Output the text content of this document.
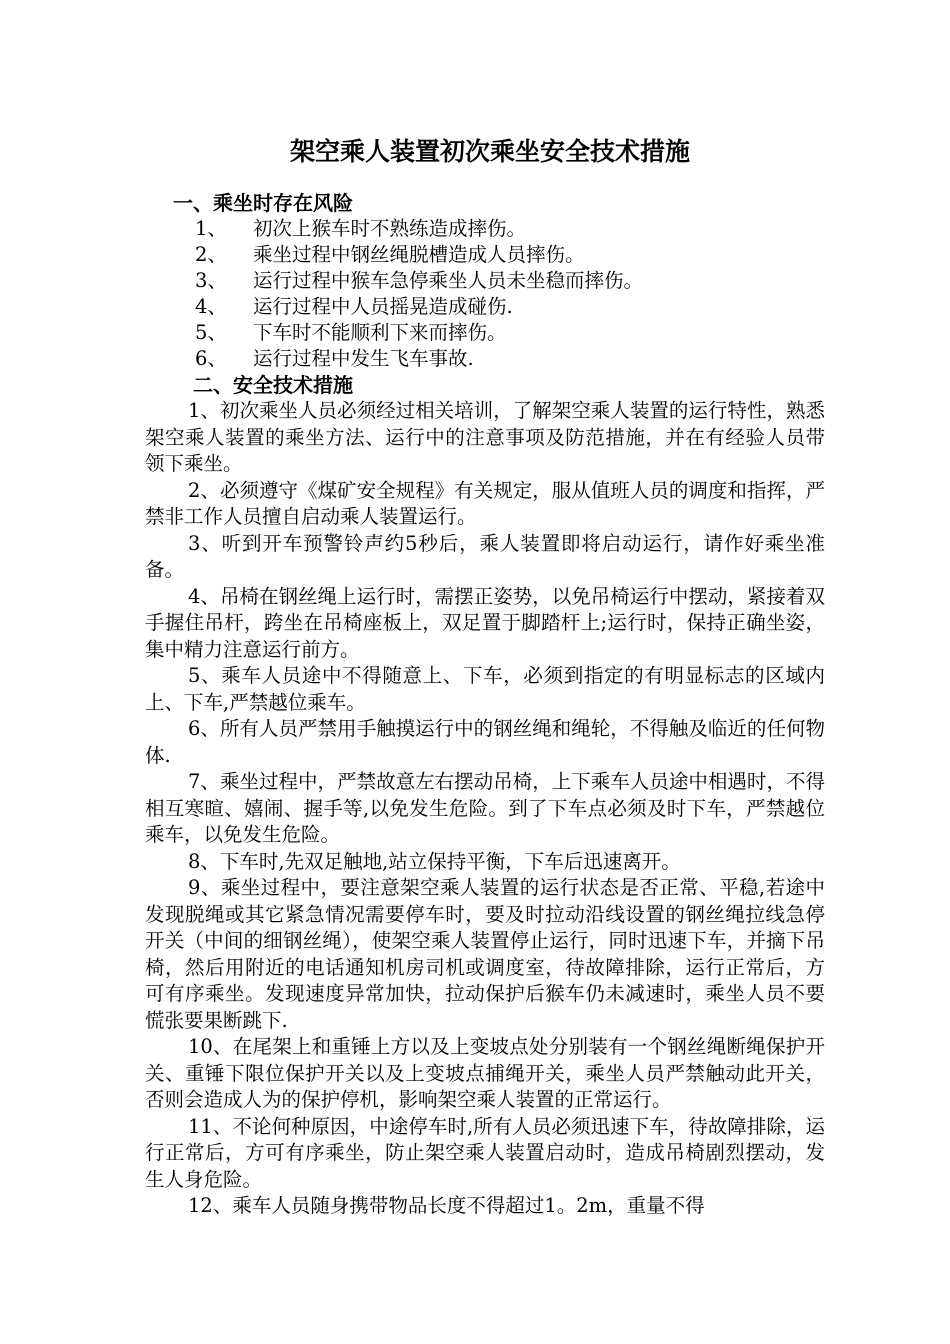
架空乘人装置初次乘坐安全技术措施
一、乘坐时存在风险
1、 初次上猴车时不熟练造成摔伤。
2、 乘坐过程中钢丝绳脱槽造成人员摔伤。
3、 运行过程中猴车急停乘坐人员未坐稳而摔伤。
4、 运行过程中人员摇晃造成碰伤.
5、 下车时不能顺利下来而摔伤。
6、 运行过程中发生飞车事故.
二、安全技术措施

1、初次乘坐人员必须经过相关培训，了解架空乘人装置的运行特性，熟悉架空乘人装置的乘坐方法、运行中的注意事项及防范措施，并在有经验人员带领下乘坐。

2、必须遵守《煤矿安全规程》有关规定，服从值班人员的调度和指挥，严禁非工作人员擅自启动乘人装置运行。

3、听到开车预警铃声约5秒后，乘人装置即将启动运行，请作好乘坐准备。

4、吊椅在钢丝绳上运行时，需摆正姿势，以免吊椅运行中摆动，紧接着双手握住吊杆，跨坐在吊椅座板上，双足置于脚踏杆上;运行时，保持正确坐姿，集中精力注意运行前方。

5、乘车人员途中不得随意上、下车，必须到指定的有明显标志的区域内上、下车,严禁越位乘车。

6、所有人员严禁用手触摸运行中的钢丝绳和绳轮，不得触及临近的任何物体.

7、乘坐过程中，严禁故意左右摆动吊椅，上下乘车人员途中相遇时，不得相互寒暄、嬉闹、握手等,以免发生危险。到了下车点必须及时下车，严禁越位乘车，以免发生危险。

8、下车时,先双足触地,站立保持平衡，下车后迅速离开。

9、乘坐过程中，要注意架空乘人装置的运行状态是否正常、平稳,若途中发现脱绳或其它紧急情况需要停车时，要及时拉动沿线设置的钢丝绳拉线急停开关（中间的细钢丝绳），使架空乘人装置停止运行，同时迅速下车，并摘下吊椅，然后用附近的电话通知机房司机或调度室，待故障排除，运行正常后，方可有序乘坐。发现速度异常加快，拉动保护后猴车仍未减速时，乘坐人员不要慌张要果断跳下.

10、在尾架上和重锤上方以及上变坡点处分别装有一个钢丝绳断绳保护开关、重锤下限位保护开关以及上变坡点捕绳开关，乘坐人员严禁触动此开关，否则会造成人为的保护停机，影响架空乘人装置的正常运行。

11、不论何种原因，中途停车时,所有人员必须迅速下车，待故障排除，运行正常后，方可有序乘坐，防止架空乘人装置启动时，造成吊椅剧烈摆动，发生人身危险。

12、乘车人员随身携带物品长度不得超过1。2m，重量不得
